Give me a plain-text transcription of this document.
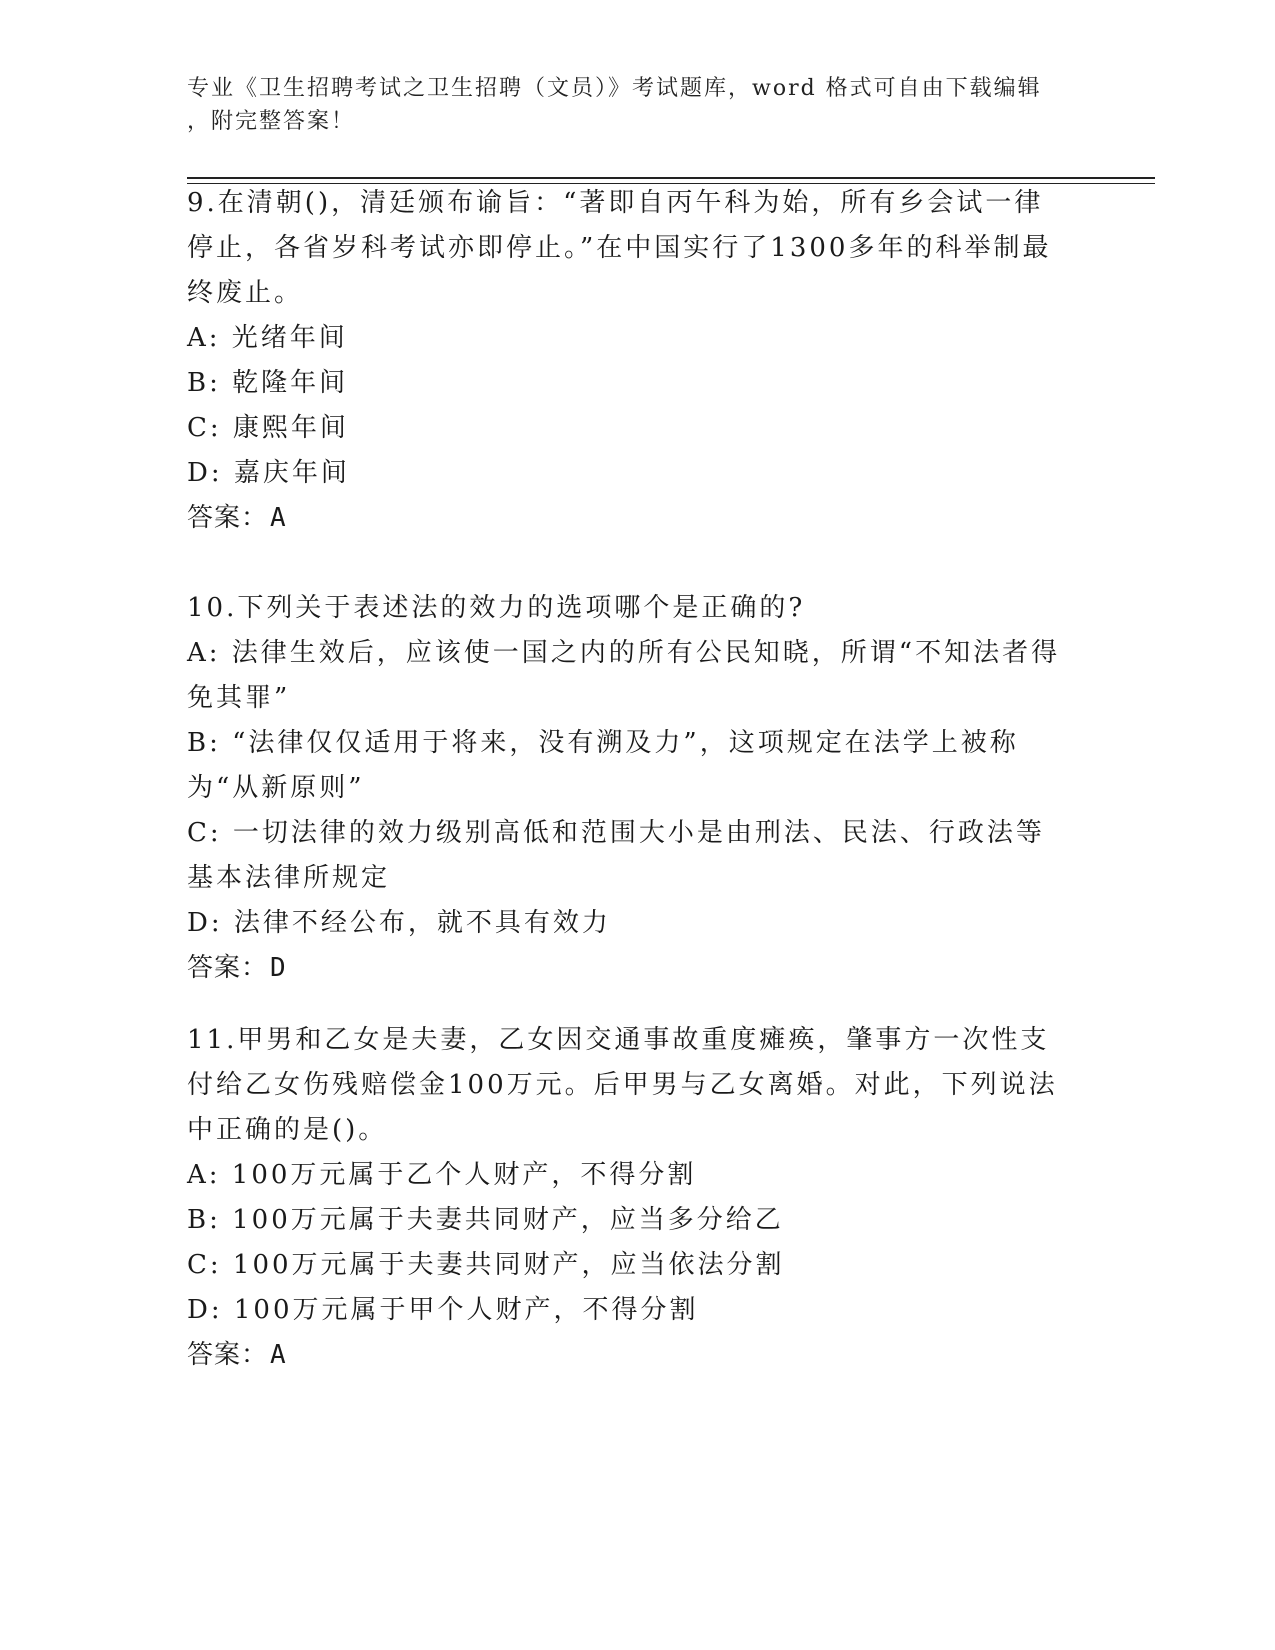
专业《卫生招聘考试之卫生招聘（文员）》考试题库，word 格式可自由下载编辑
，附完整答案！

9.在清朝()，清廷颁布谕旨：“著即自丙午科为始，所有乡会试一律停止，各省岁科考试亦即停止。”在中国实行了1300多年的科举制最终废止。

A: 光绪年间

B: 乾隆年间

C: 康熙年间

D: 嘉庆年间

答案：A

10.下列关于表述法的效力的选项哪个是正确的?

A: 法律生效后，应该使一国之内的所有公民知晓，所谓“不知法者得免其罪”

B: “法律仅仅适用于将来，没有溯及力”，这项规定在法学上被称为“从新原则”

C: 一切法律的效力级别高低和范围大小是由刑法、民法、行政法等基本法律所规定

D: 法律不经公布，就不具有效力

答案：D

11.甲男和乙女是夫妻，乙女因交通事故重度瘫痪，肇事方一次性支付给乙女伤残赔偿金100万元。后甲男与乙女离婚。对此，下列说法中正确的是()。

A: 100万元属于乙个人财产，不得分割

B: 100万元属于夫妻共同财产，应当多分给乙

C: 100万元属于夫妻共同财产，应当依法分割

D: 100万元属于甲个人财产，不得分割

答案：A
